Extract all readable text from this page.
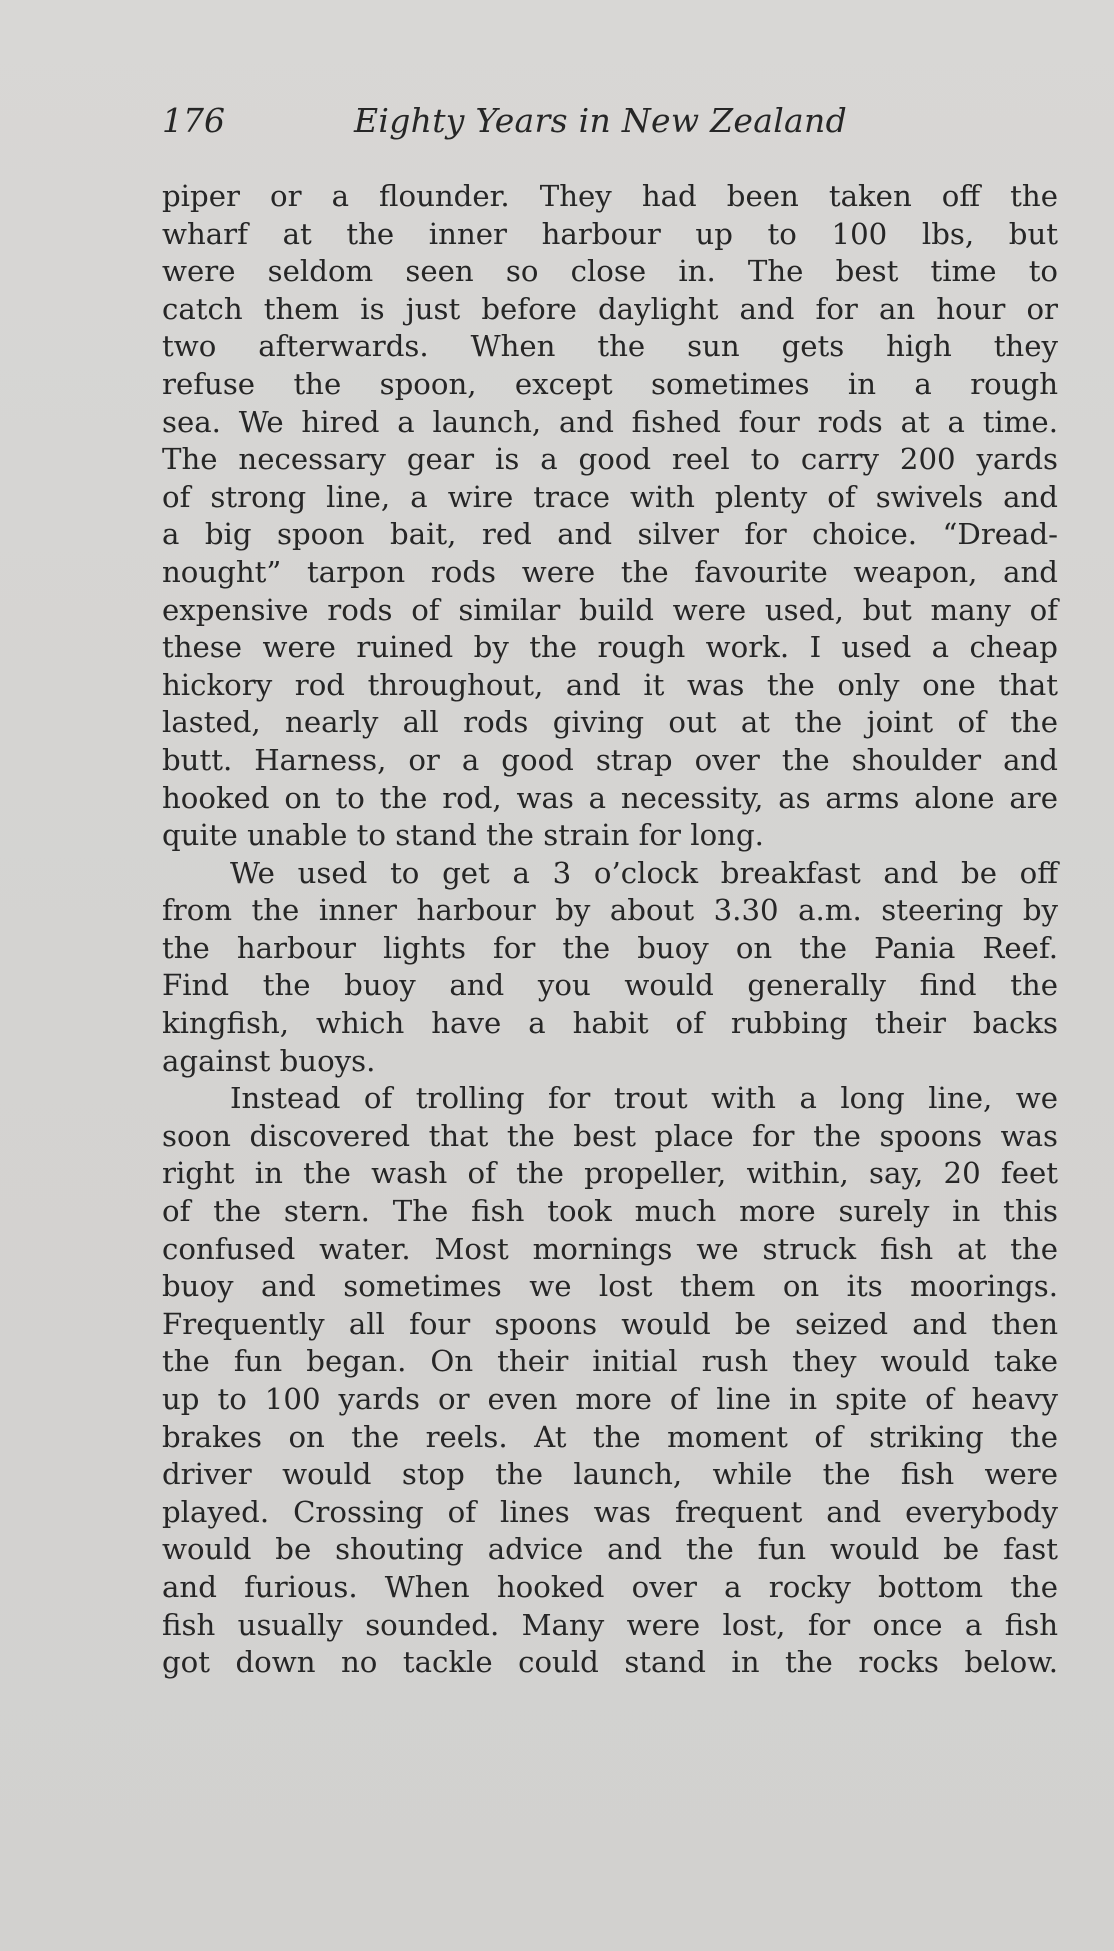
176	Eighty Years in New Zealand
piper or a flounder. They had been taken off the
wharf at the inner harbour up to 100 lbs, but
were seldom seen so close in. The best time to
catch them is just before daylight and for an hour or
two afterwards. When the sun gets high they
refuse the spoon, except sometimes in a rough
sea. We hired a launch, and fished four rods at a time.
The necessary gear is a good reel to carry 200 yards
of strong line, a wire trace with plenty of swivels and
a big spoon bait, red and silver for choice. “Dread-
nought” tarpon rods were the favourite weapon, and
expensive rods of similar build were used, but many of
these were ruined by the rough work. I used a cheap
hickory rod throughout, and it was the only one that
lasted, nearly all rods giving out at the joint of the
butt. Harness, or a good strap over the shoulder and
hooked on to the rod, was a necessity, as arms alone are
quite unable to stand the strain for long.
We used to get a 3 o’clock breakfast and be off
from the inner harbour by about 3.30 a.m. steering by
the harbour lights for the buoy on the Pania Reef.
Find the buoy and you would generally find the
kingfish, which have a habit of rubbing their backs
against buoys.
Instead of trolling for trout with a long line, we
soon discovered that the best place for the spoons was
right in the wash of the propeller, within, say, 20 feet
of the stern. The fish took much more surely in this
confused water. Most mornings we struck fish at the
buoy and sometimes we lost them on its moorings.
Frequently all four spoons would be seized and then
the fun began. On their initial rush they would take
up to 100 yards or even more of line in spite of heavy
brakes on the reels. At the moment of striking the
driver would stop the launch, while the fish were
played. Crossing of lines was frequent and everybody
would be shouting advice and the fun would be fast
and furious. When hooked over a rocky bottom the
fish usually sounded. Many were lost, for once a fish
got down no tackle could stand in the rocks below.
